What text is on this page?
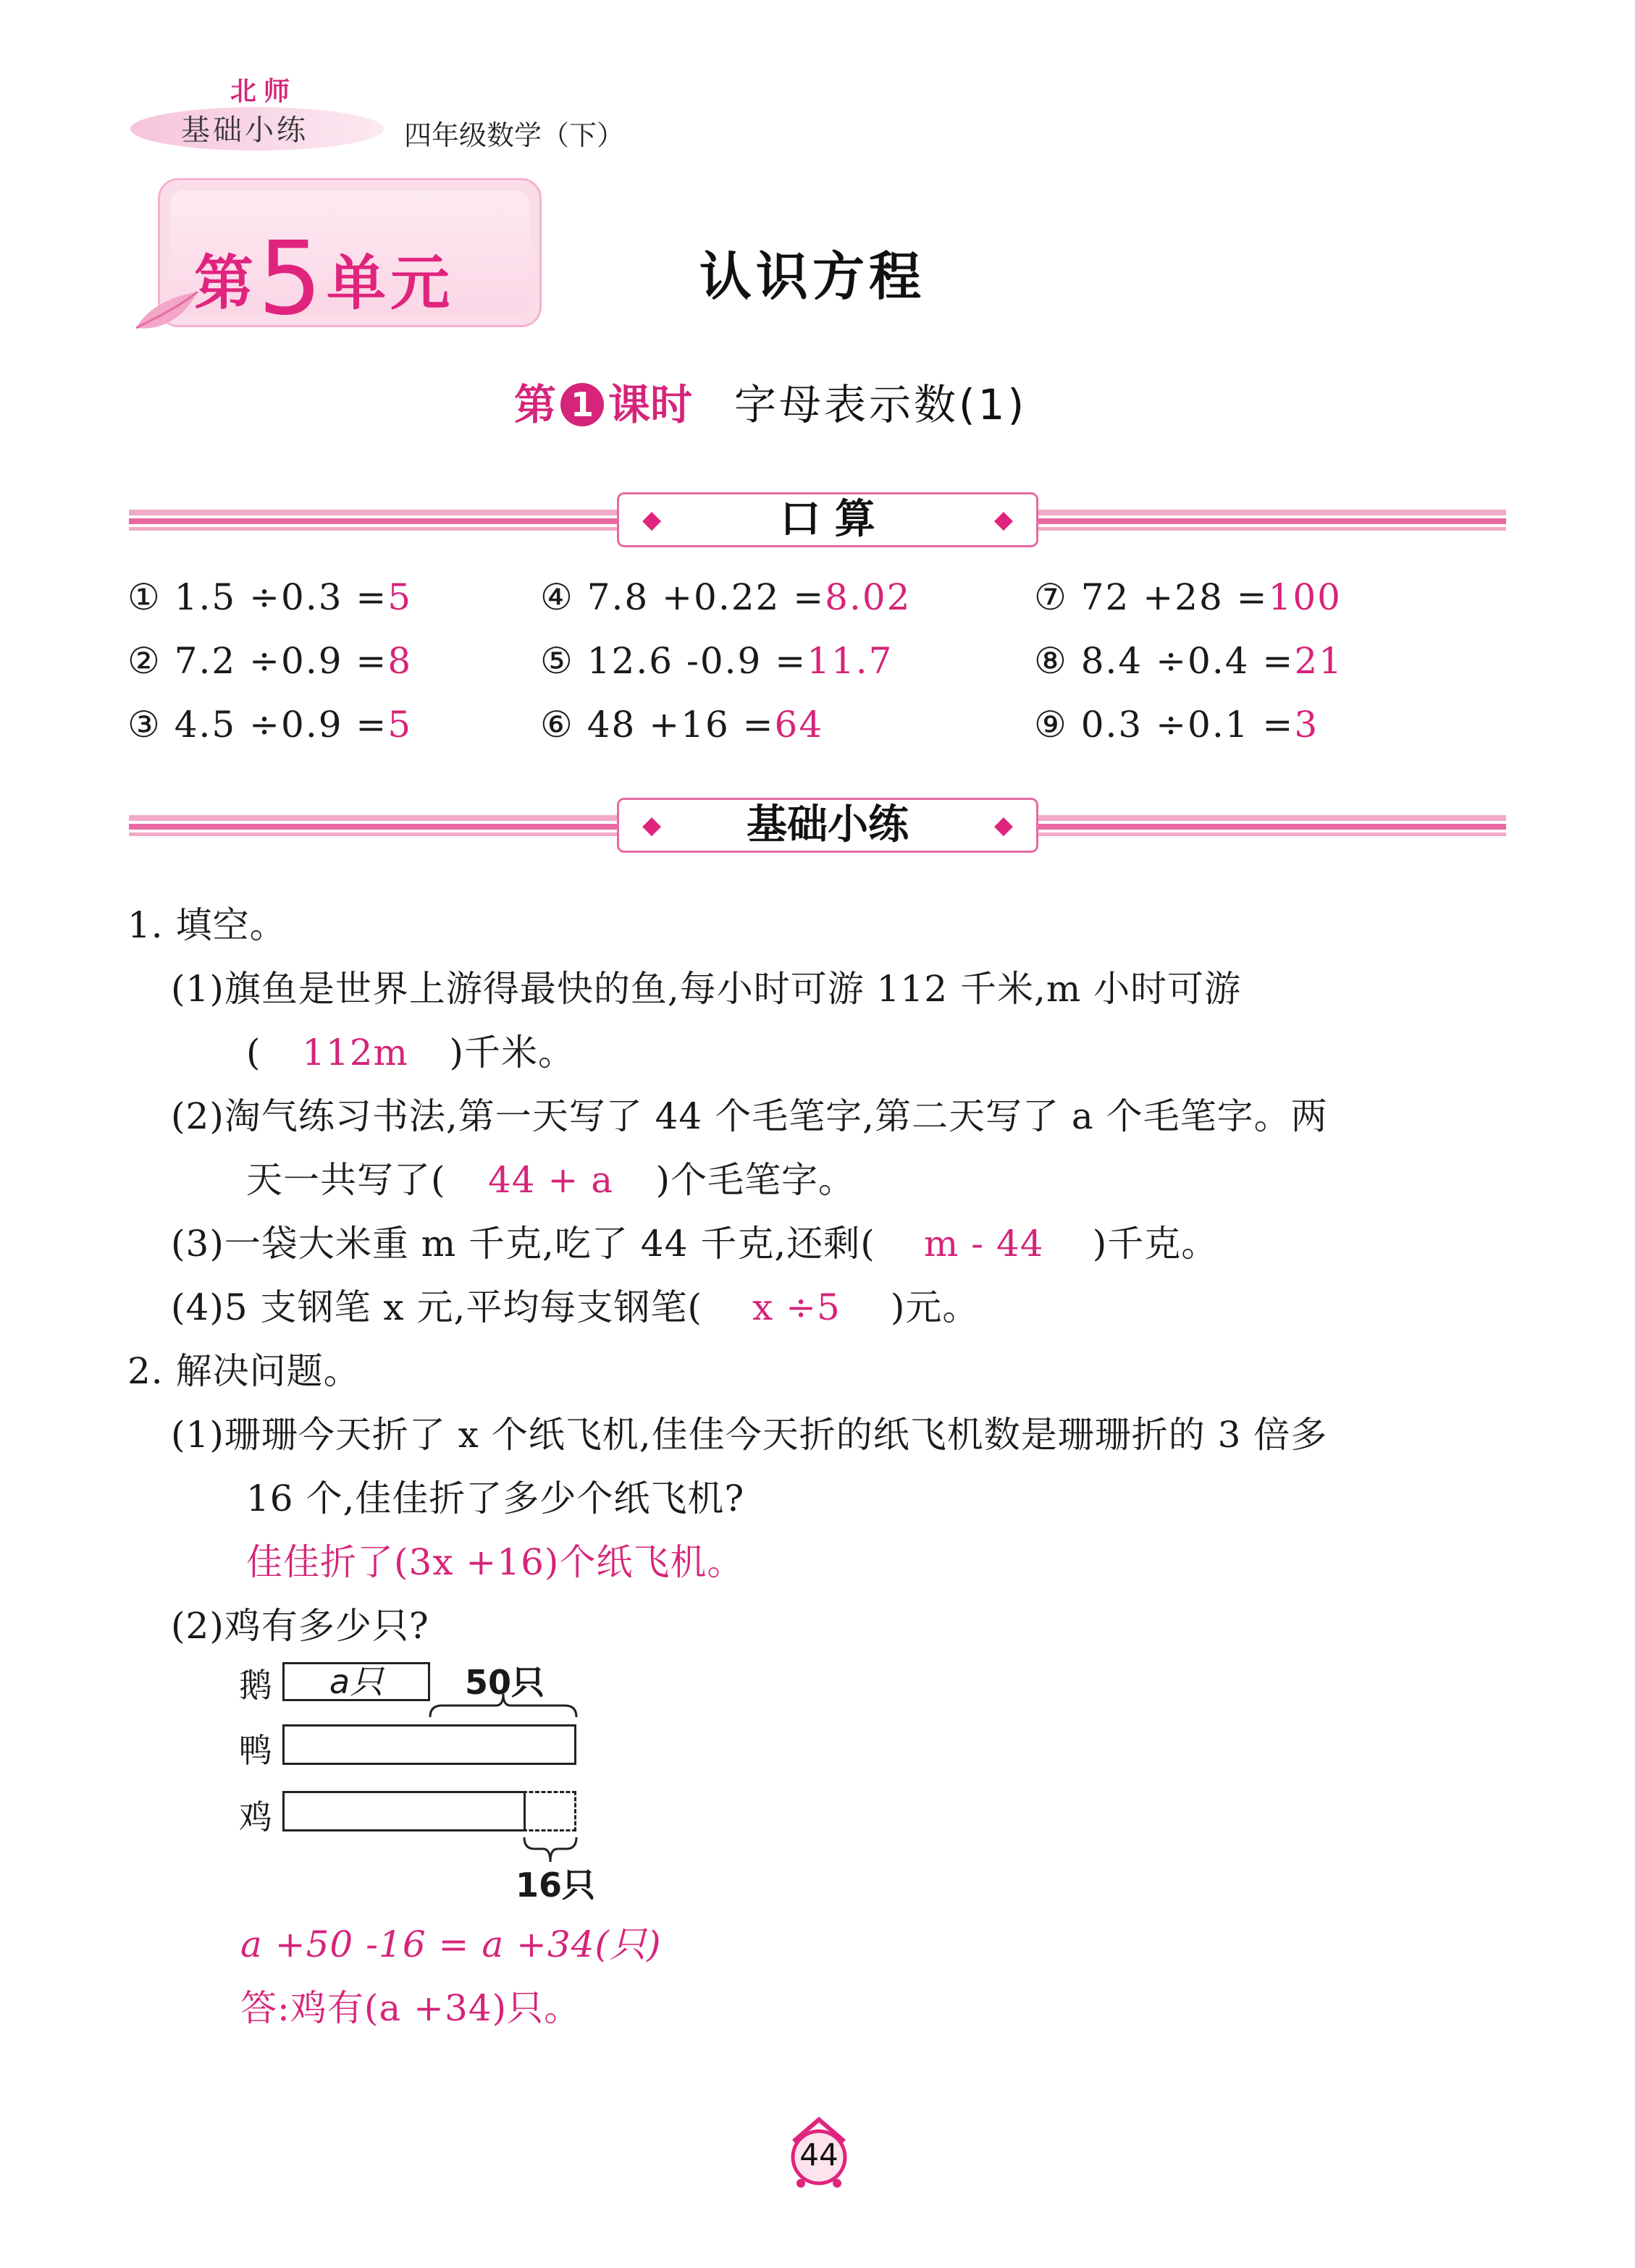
北师
基础小练	四年级数学（下）
第5单元	认识方程
第 1 课时 字母表示数(1)
◆	口 算	◆
① 1.5 ÷0.3 =5	④ 7.8 +0.22 =8.02	⑦ 72 +28 =100
② 7.2 ÷0.9 =8	⑤ 12.6 -0.9 =11.7	⑧ 8.4 ÷0.4 =21
③ 4.5 ÷0.9 =5	⑥ 48 +16 =64	⑨ 0.3 ÷0.1 =3
◆ 基础小练	◆
1. 填空。
(1)旗鱼是世界上游得最快的鱼,每小时可游 112 千米,m 小时可游
( 112m )千米。
(2)淘气练习书法,第一天写了 44 个毛笔字,第二天写了 a 个毛笔字。两
天一共写了( 44 + a )个毛笔字。
(3)一袋大米重 m 千克,吃了 44 千克,还剩( m - 44 )千克。
(4)5 支钢笔 x 元,平均每支钢笔( x ÷5 )元。
2. 解决问题。
(1)珊珊今天折了 x 个纸飞机,佳佳今天折的纸飞机数是珊珊折的 3 倍多
16 个,佳佳折了多少个纸飞机?
佳佳折了(3x +16)个纸飞机。
(2)鸡有多少只?
鹅	a只	50只
鸭
鸡
16只
a +50 -16 = a +34(只)
答:鸡有(a +34)只。
44
